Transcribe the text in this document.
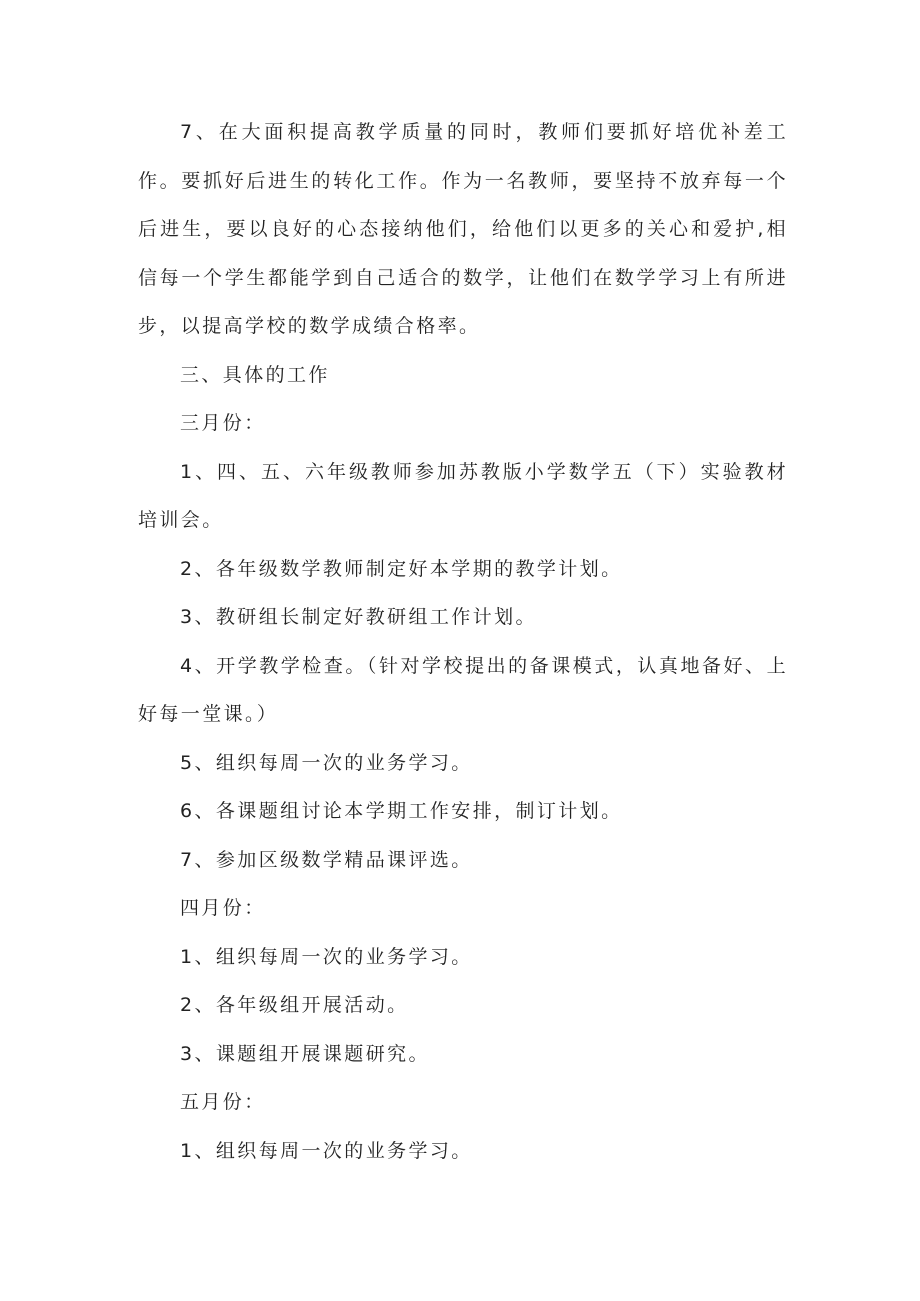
7、在大面积提高教学质量的同时，教师们要抓好培优补差工作。要抓好后进生的转化工作。作为一名教师，要坚持不放弃每一个后进生，要以良好的心态接纳他们，给他们以更多的关心和爱护,相信每一个学生都能学到自己适合的数学，让他们在数学学习上有所进步，以提高学校的数学成绩合格率。

三、具体的工作

三月份：

1、四、五、六年级教师参加苏教版小学数学五（下）实验教材培训会。

2、各年级数学教师制定好本学期的教学计划。

3、教研组长制定好教研组工作计划。

4、开学教学检查。（针对学校提出的备课模式，认真地备好、上好每一堂课。）

5、组织每周一次的业务学习。

6、各课题组讨论本学期工作安排，制订计划。

7、参加区级数学精品课评选。

四月份：

1、组织每周一次的业务学习。

2、各年级组开展活动。

3、课题组开展课题研究。

五月份：

1、组织每周一次的业务学习。
